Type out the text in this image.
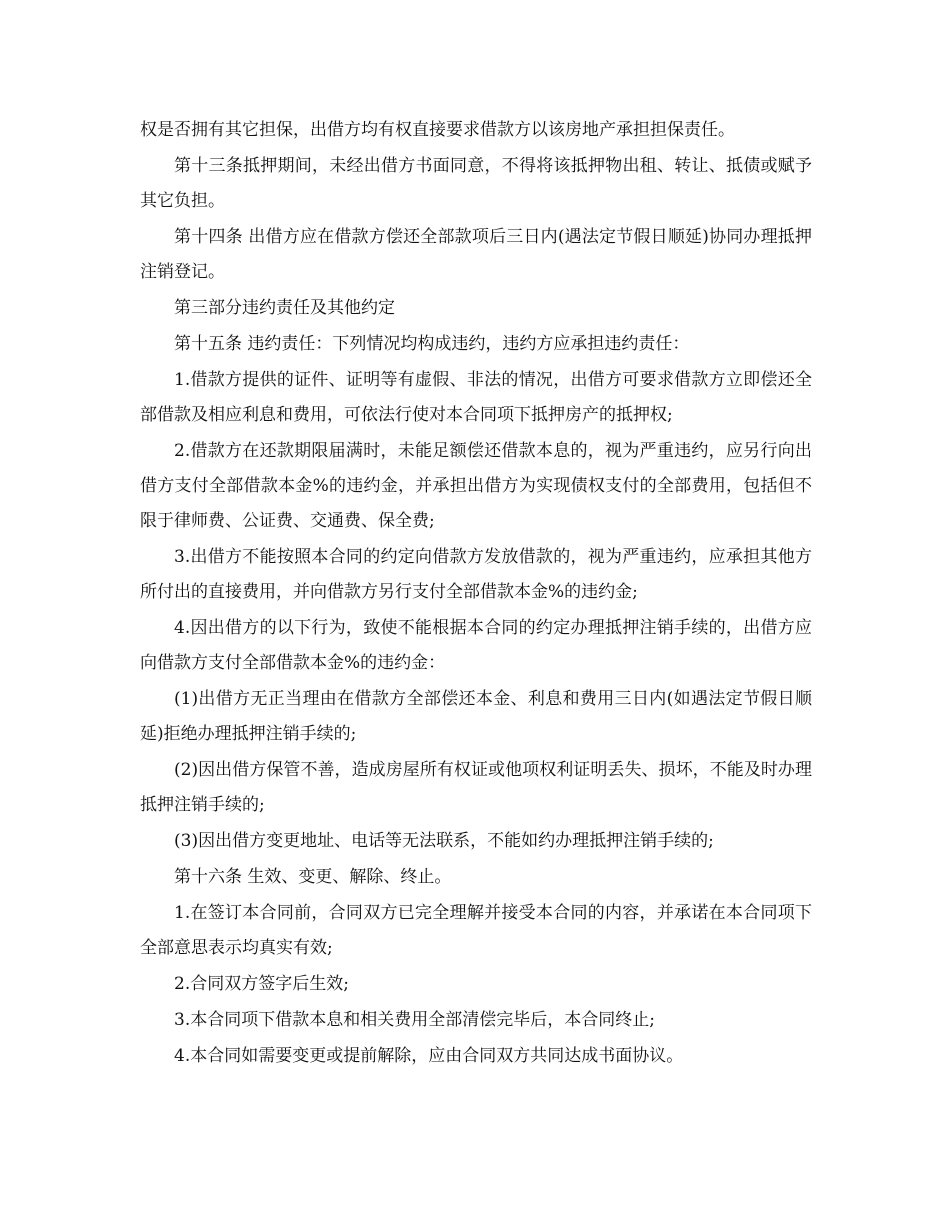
权是否拥有其它担保，出借方均有权直接要求借款方以该房地产承担担保责任。

第十三条抵押期间，未经出借方书面同意，不得将该抵押物出租、转让、抵债或赋予其它负担。

第十四条 出借方应在借款方偿还全部款项后三日内(遇法定节假日顺延)协同办理抵押注销登记。

第三部分违约责任及其他约定

第十五条 违约责任：下列情况均构成违约，违约方应承担违约责任：

1.借款方提供的证件、证明等有虚假、非法的情况，出借方可要求借款方立即偿还全部借款及相应利息和费用，可依法行使对本合同项下抵押房产的抵押权;

2.借款方在还款期限届满时，未能足额偿还借款本息的，视为严重违约，应另行向出借方支付全部借款本金%的违约金，并承担出借方为实现债权支付的全部费用，包括但不限于律师费、公证费、交通费、保全费;

3.出借方不能按照本合同的约定向借款方发放借款的，视为严重违约，应承担其他方所付出的直接费用，并向借款方另行支付全部借款本金%的违约金;

4.因出借方的以下行为，致使不能根据本合同的约定办理抵押注销手续的，出借方应向借款方支付全部借款本金%的违约金：

(1)出借方无正当理由在借款方全部偿还本金、利息和费用三日内(如遇法定节假日顺延)拒绝办理抵押注销手续的;

(2)因出借方保管不善，造成房屋所有权证或他项权利证明丢失、损坏，不能及时办理抵押注销手续的;

(3)因出借方变更地址、电话等无法联系，不能如约办理抵押注销手续的;

第十六条 生效、变更、解除、终止。

1.在签订本合同前，合同双方已完全理解并接受本合同的内容，并承诺在本合同项下全部意思表示均真实有效;

2.合同双方签字后生效;

3.本合同项下借款本息和相关费用全部清偿完毕后，本合同终止;

4.本合同如需要变更或提前解除，应由合同双方共同达成书面协议。
